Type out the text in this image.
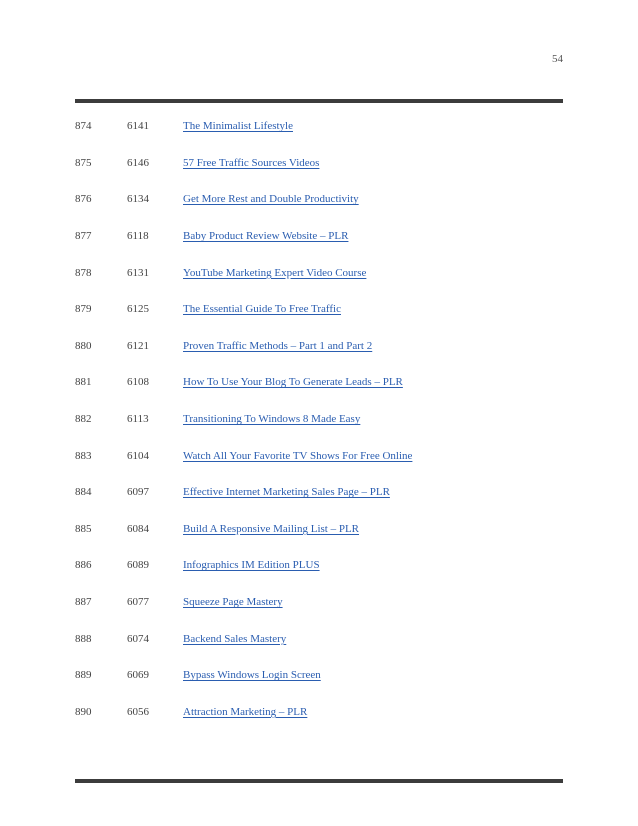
54
874	6141	The Minimalist Lifestyle
875	6146	57 Free Traffic Sources Videos
876	6134	Get More Rest and Double Productivity
877	6118	Baby Product Review Website – PLR
878	6131	YouTube Marketing Expert Video Course
879	6125	The Essential Guide To Free Traffic
880	6121	Proven Traffic Methods – Part 1 and Part 2
881	6108	How To Use Your Blog To Generate Leads – PLR
882	6113	Transitioning To Windows 8 Made Easy
883	6104	Watch All Your Favorite TV Shows For Free Online
884	6097	Effective Internet Marketing Sales Page – PLR
885	6084	Build A Responsive Mailing List – PLR
886	6089	Infographics IM Edition PLUS
887	6077	Squeeze Page Mastery
888	6074	Backend Sales Mastery
889	6069	Bypass Windows Login Screen
890	6056	Attraction Marketing – PLR
